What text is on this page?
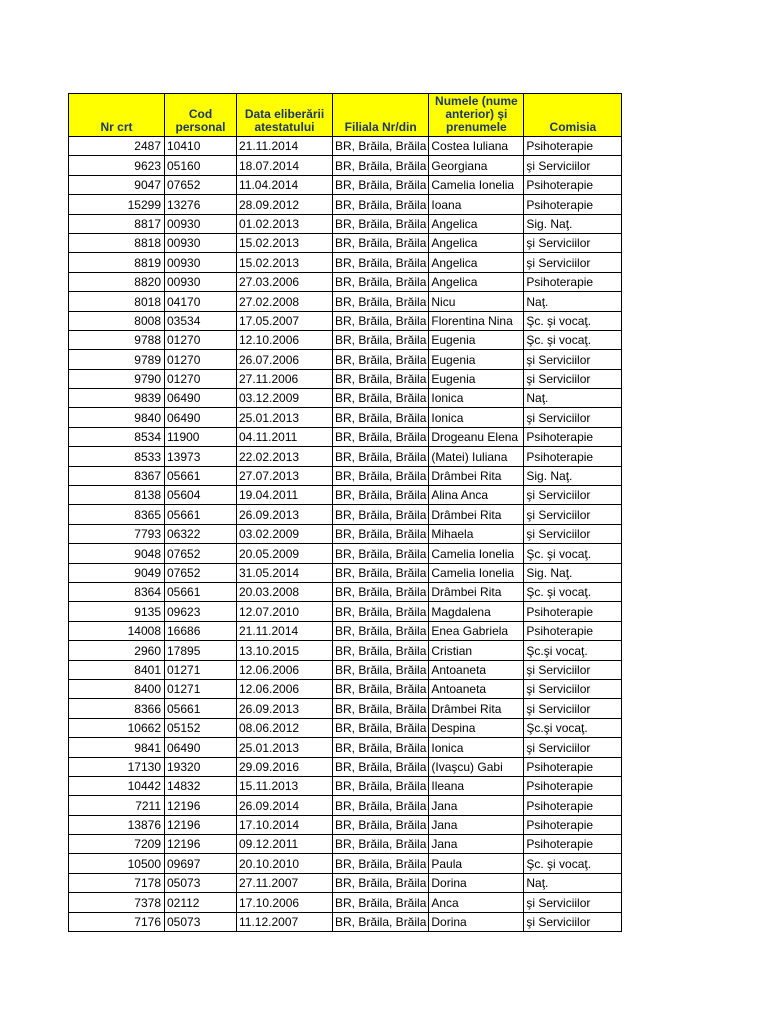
Nr crt	Cod personal	Data eliberării atestatului	Filiala Nr/din	Numele (nume anterior) şi prenumele	Comisia
2487	10410	21.11.2014	BR, Brăila, Brăila	Costea Iuliana	Psihoterapie
9623	05160	18.07.2014	BR, Brăila, Brăila	Georgiana	şi Serviciilor
9047	07652	11.04.2014	BR, Brăila, Brăila	Camelia Ionelia	Psihoterapie
15299	13276	28.09.2012	BR, Brăila, Brăila	Ioana	Psihoterapie
8817	00930	01.02.2013	BR, Brăila, Brăila	Angelica	Sig. Naţ.
8818	00930	15.02.2013	BR, Brăila, Brăila	Angelica	şi Serviciilor
8819	00930	15.02.2013	BR, Brăila, Brăila	Angelica	şi Serviciilor
8820	00930	27.03.2006	BR, Brăila, Brăila	Angelica	Psihoterapie
8018	04170	27.02.2008	BR, Brăila, Brăila	Nicu	Naţ.
8008	03534	17.05.2007	BR, Brăila, Brăila	Florentina Nina	Şc. şi vocaţ.
9788	01270	12.10.2006	BR, Brăila, Brăila	Eugenia	Şc. şi vocaţ.
9789	01270	26.07.2006	BR, Brăila, Brăila	Eugenia	şi Serviciilor
9790	01270	27.11.2006	BR, Brăila, Brăila	Eugenia	şi Serviciilor
9839	06490	03.12.2009	BR, Brăila, Brăila	Ionica	Naţ.
9840	06490	25.01.2013	BR, Brăila, Brăila	Ionica	şi Serviciilor
8534	11900	04.11.2011	BR, Brăila, Brăila	Drogeanu Elena	Psihoterapie
8533	13973	22.02.2013	BR, Brăila, Brăila	(Matei) Iuliana	Psihoterapie
8367	05661	27.07.2013	BR, Brăila, Brăila	Drâmbei Rita	Sig. Naţ.
8138	05604	19.04.2011	BR, Brăila, Brăila	Alina Anca	şi Serviciilor
8365	05661	26.09.2013	BR, Brăila, Brăila	Drâmbei Rita	şi Serviciilor
7793	06322	03.02.2009	BR, Brăila, Brăila	Mihaela	şi Serviciilor
9048	07652	20.05.2009	BR, Brăila, Brăila	Camelia Ionelia	Şc. şi vocaţ.
9049	07652	31.05.2014	BR, Brăila, Brăila	Camelia Ionelia	Sig. Naţ.
8364	05661	20.03.2008	BR, Brăila, Brăila	Drâmbei Rita	Şc. şi vocaţ.
9135	09623	12.07.2010	BR, Brăila, Brăila	Magdalena	Psihoterapie
14008	16686	21.11.2014	BR, Brăila, Brăila	Enea Gabriela	Psihoterapie
2960	17895	13.10.2015	BR, Brăila, Brăila	Cristian	Şc.şi vocaţ.
8401	01271	12.06.2006	BR, Brăila, Brăila	Antoaneta	şi Serviciilor
8400	01271	12.06.2006	BR, Brăila, Brăila	Antoaneta	şi Serviciilor
8366	05661	26.09.2013	BR, Brăila, Brăila	Drâmbei Rita	şi Serviciilor
10662	05152	08.06.2012	BR, Brăila, Brăila	Despina	Şc.şi vocaţ.
9841	06490	25.01.2013	BR, Brăila, Brăila	Ionica	şi Serviciilor
17130	19320	29.09.2016	BR, Brăila, Brăila	(Ivaşcu) Gabi	Psihoterapie
10442	14832	15.11.2013	BR, Brăila, Brăila	Ileana	Psihoterapie
7211	12196	26.09.2014	BR, Brăila, Brăila	Jana	Psihoterapie
13876	12196	17.10.2014	BR, Brăila, Brăila	Jana	Psihoterapie
7209	12196	09.12.2011	BR, Brăila, Brăila	Jana	Psihoterapie
10500	09697	20.10.2010	BR, Brăila, Brăila	Paula	Şc. şi vocaţ.
7178	05073	27.11.2007	BR, Brăila, Brăila	Dorina	Naţ.
7378	02112	17.10.2006	BR, Brăila, Brăila	Anca	şi Serviciilor
7176	05073	11.12.2007	BR, Brăila, Brăila	Dorina	şi Serviciilor
